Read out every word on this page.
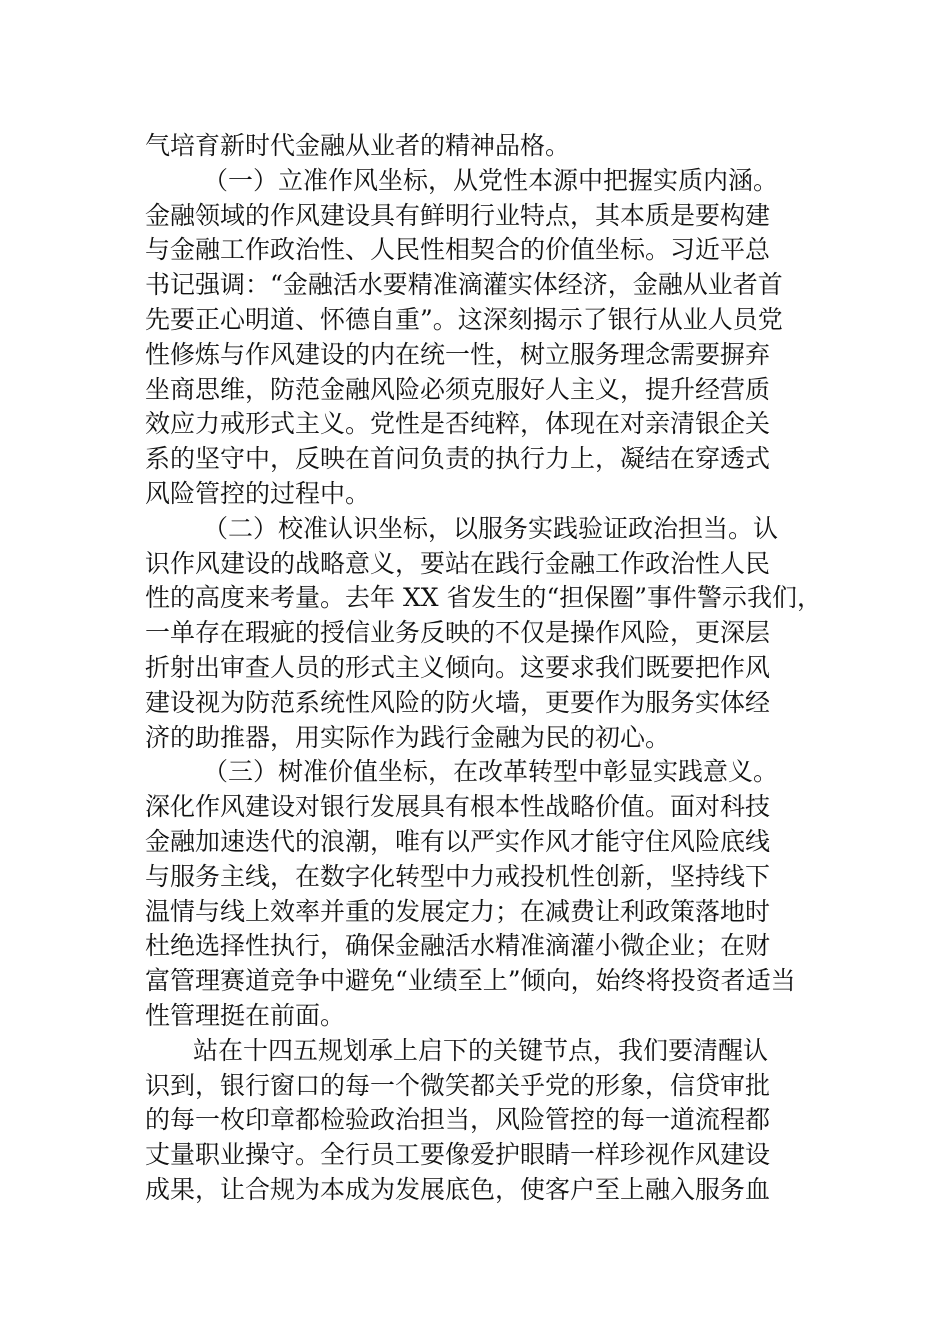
气培育新时代金融从业者的精神品格。
（一）立准作风坐标，从党性本源中把握实质内涵。
金融领域的作风建设具有鲜明行业特点，其本质是要构建
与金融工作政治性、人民性相契合的价值坐标。习近平总
书记强调：“金融活水要精准滴灌实体经济，金融从业者首
先要正心明道、怀德自重”。这深刻揭示了银行从业人员党
性修炼与作风建设的内在统一性，树立服务理念需要摒弃
坐商思维，防范金融风险必须克服好人主义，提升经营质
效应力戒形式主义。党性是否纯粹，体现在对亲清银企关
系的坚守中，反映在首问负责的执行力上，凝结在穿透式
风险管控的过程中。
（二）校准认识坐标，以服务实践验证政治担当。认
识作风建设的战略意义，要站在践行金融工作政治性人民
性的高度来考量。去年 XX 省发生的“担保圈”事件警示我们，
一单存在瑕疵的授信业务反映的不仅是操作风险，更深层
折射出审查人员的形式主义倾向。这要求我们既要把作风
建设视为防范系统性风险的防火墙，更要作为服务实体经
济的助推器，用实际作为践行金融为民的初心。
（三）树准价值坐标，在改革转型中彰显实践意义。
深化作风建设对银行发展具有根本性战略价值。面对科技
金融加速迭代的浪潮，唯有以严实作风才能守住风险底线
与服务主线，在数字化转型中力戒投机性创新，坚持线下
温情与线上效率并重的发展定力；在减费让利政策落地时
杜绝选择性执行，确保金融活水精准滴灌小微企业；在财
富管理赛道竞争中避免“业绩至上”倾向，始终将投资者适当
性管理挺在前面。
站在十四五规划承上启下的关键节点，我们要清醒认
识到，银行窗口的每一个微笑都关乎党的形象，信贷审批
的每一枚印章都检验政治担当，风险管控的每一道流程都
丈量职业操守。全行员工要像爱护眼睛一样珍视作风建设
成果，让合规为本成为发展底色，使客户至上融入服务血
